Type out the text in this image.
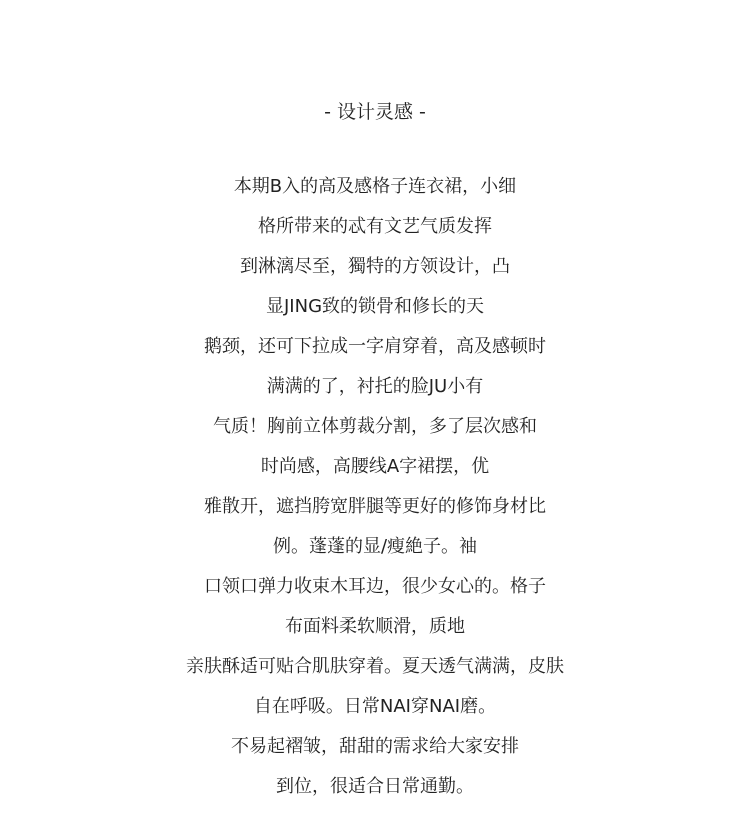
- 设计灵感 -
本期B入的高及感格子连衣裙，小细
格所带来的忒有文艺气质发挥
到淋漓尽至，獨特的方领设计，凸
显JING致的锁骨和修长的天
鹅颈，还可下拉成一字肩穿着，高及感顿时
满满的了，衬托的脸JU小有
气质！胸前立体剪裁分割，多了层次感和
时尚感，高腰线A字裙摆，优
雅散开，遮挡胯宽胖腿等更好的修饰身材比
例。蓬蓬的显/瘦絶子。袖
口领口弹力收束木耳边，很少女心的。格子
布面料柔软顺滑，质地
亲肤酥适可贴合肌肤穿着。夏天透气满满，皮肤
自在呼吸。日常NAI穿NAI磨。
不易起褶皱，甜甜的需求给大家安排
到位，很适合日常通勤。
